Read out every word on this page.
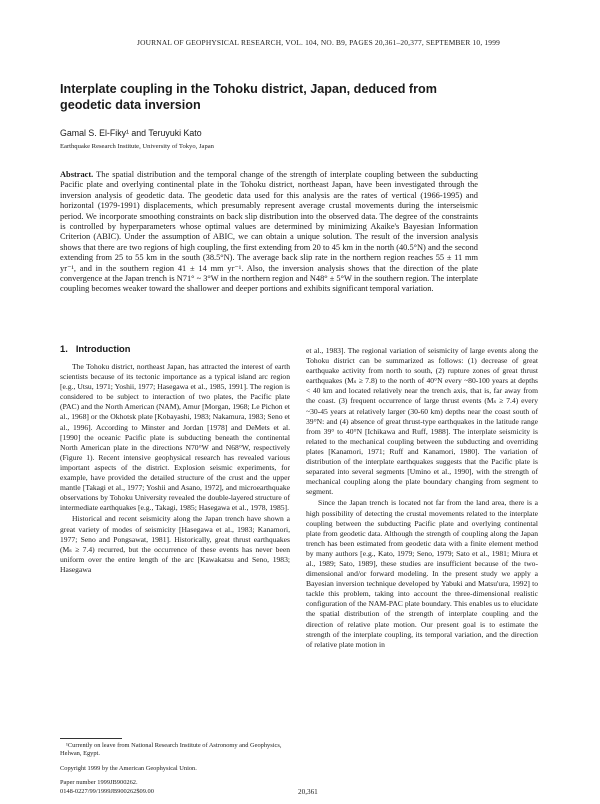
JOURNAL OF GEOPHYSICAL RESEARCH, VOL. 104, NO. B9, PAGES 20,361–20,377, SEPTEMBER 10, 1999
Interplate coupling in the Tohoku district, Japan, deduced from geodetic data inversion
Gamal S. El-Fiky¹ and Teruyuki Kato
Earthquake Research Institute, University of Tokyo, Japan
Abstract. The spatial distribution and the temporal change of the strength of interplate coupling between the subducting Pacific plate and overlying continental plate in the Tohoku district, northeast Japan, have been investigated through the inversion analysis of geodetic data. The geodetic data used for this analysis are the rates of vertical (1966-1995) and horizontal (1979-1991) displacements, which presumably represent average crustal movements during the interseismic period. We incorporate smoothing constraints on back slip distribution into the observed data. The degree of the constraints is controlled by hyperparameters whose optimal values are determined by minimizing Akaike's Bayesian Information Criterion (ABIC). Under the assumption of ABIC, we can obtain a unique solution. The result of the inversion analysis shows that there are two regions of high coupling, the first extending from 20 to 45 km in the north (40.5°N) and the second extending from 25 to 55 km in the south (38.5°N). The average back slip rate in the northern region reaches 55 ± 11 mm yr⁻¹, and in the southern region 41 ± 14 mm yr⁻¹. Also, the inversion analysis shows that the direction of the plate convergence at the Japan trench is N71° ~ 3°W in the northern region and N48° ± 5°W in the southern region. The interplate coupling becomes weaker toward the shallower and deeper portions and exhibits significant temporal variation.
1. Introduction

The Tohoku district, northeast Japan, has attracted the interest of earth scientists because of its tectonic importance as a typical island arc region [e.g., Utsu, 1971; Yoshii, 1977; Hasegawa et al., 1985, 1991]. The region is considered to be subject to interaction of two plates, the Pacific plate (PAC) and the North American (NAM), Amur [Morgan, 1968; Le Pichon et al., 1968] or the Okhotsk plate [Kobayashi, 1983; Nakamura, 1983; Seno et al., 1996]. According to Minster and Jordan [1978] and DeMets et al. [1990] the oceanic Pacific plate is subducting beneath the continental North American plate in the directions N70°W and N68°W, respectively (Figure 1). Recent intensive geophysical research has revealed various important aspects of the district. Explosion seismic experiments, for example, have provided the detailed structure of the crust and the upper mantle [Takagi et al., 1977; Yoshii and Asano, 1972], and microearthquake observations by Tohoku University revealed the double-layered structure of intermediate earthquakes [e.g., Takagi, 1985; Hasegawa et al., 1978, 1985].

Historical and recent seismicity along the Japan trench have shown a great variety of modes of seismicity [Hasegawa et al., 1983; Kanamori, 1977; Seno and Pongsawat, 1981]. Historically, great thrust earthquakes (Mₛ ≥ 7.4) recurred, but the occurrence of these events has never been uniform over the entire length of the arc [Kawakatsu and Seno, 1983; Hasegawa

et al., 1983]. The regional variation of seismicity of large events along the Tohoku district can be summarized as follows: (1) decrease of great earthquake activity from north to south, (2) rupture zones of great thrust earthquakes (Mₛ ≥ 7.8) to the north of 40°N every ~80-100 years at depths < 40 km and located relatively near the trench axis, that is, far away from the coast. (3) frequent occurrence of large thrust events (Mₛ ≥ 7.4) every ~30-45 years at relatively larger (30-60 km) depths near the coast south of 39°N: and (4) absence of great thrust-type earthquakes in the latitude range from 39° to 40°N [Ichikawa and Ruff, 1988]. The interplate seismicity is related to the mechanical coupling between the subducting and overriding plates [Kanamori, 1971; Ruff and Kanamori, 1980]. The variation of distribution of the interplate earthquakes suggests that the Pacific plate is separated into several segments [Umino et al., 1990], with the strength of mechanical coupling along the plate boundary changing from segment to segment.

Since the Japan trench is located not far from the land area, there is a high possibility of detecting the crustal movements related to the interplate coupling between the subducting Pacific plate and overlying continental plate from geodetic data. Although the strength of coupling along the Japan trench has been estimated from geodetic data with a finite element method by many authors [e.g., Kato, 1979; Seno, 1979; Sato et al., 1981; Miura et al., 1989; Sato, 1989], these studies are insufficient because of the two-dimensional and/or forward modeling. In the present study we apply a Bayesian inversion technique developed by Yabuki and Matsu'ura, 1992] to tackle this problem, taking into account the three-dimensional realistic configuration of the NAM-PAC plate boundary. This enables us to elucidate the spatial distribution of the strength of interplate coupling and the direction of relative plate motion. Our present goal is to estimate the strength of the interplate coupling, its temporal variation, and the direction of relative plate motion in

¹Currently on leave from National Research Institute of Astronomy and Geophysics, Helwan, Egypt.
Copyright 1999 by the American Geophysical Union.
Paper number 1999JB900262.
0148-0227/99/1999JB900262$09.00	20,361
